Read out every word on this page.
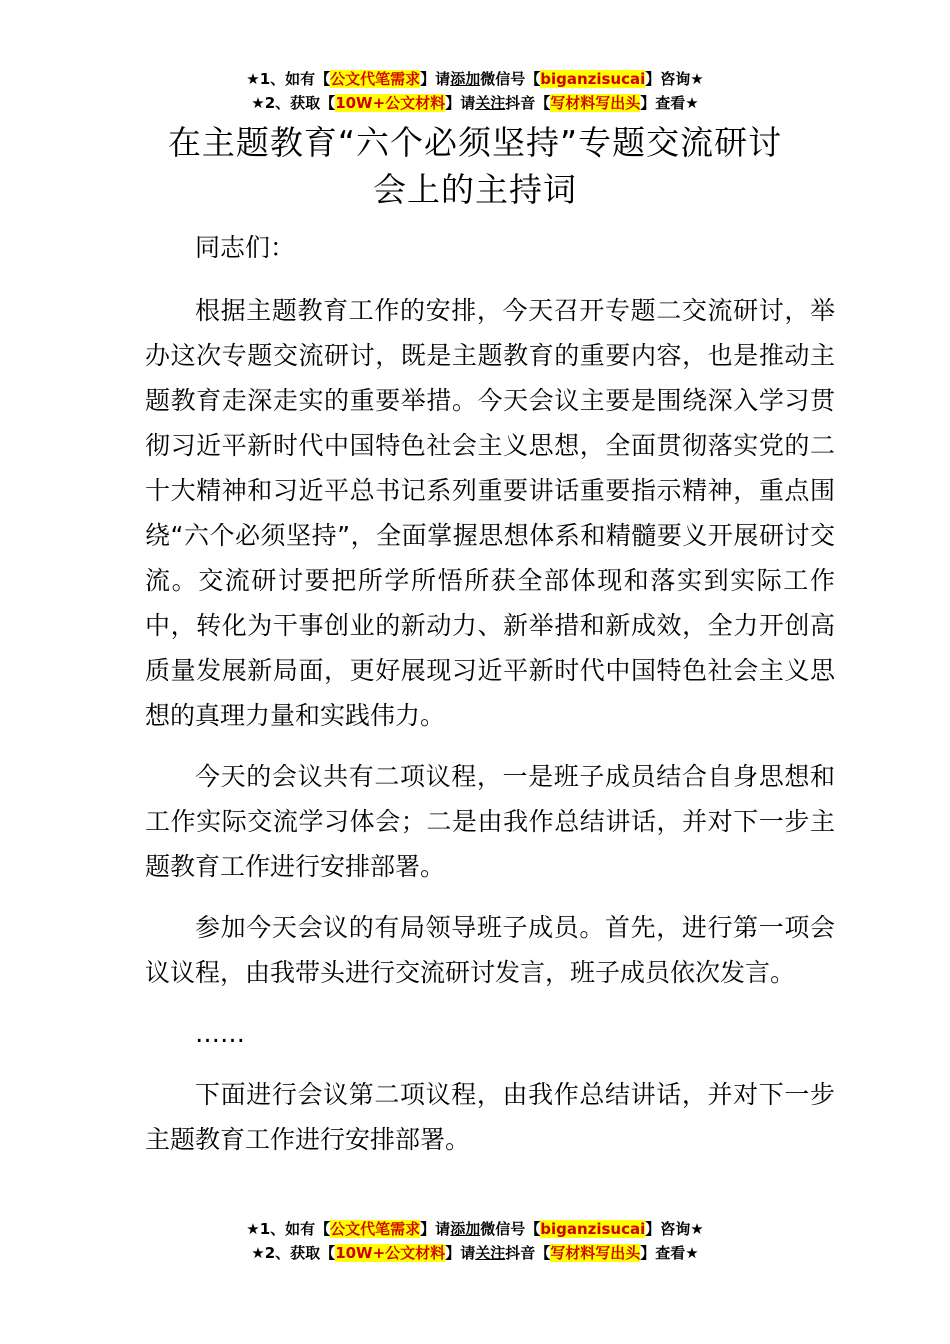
★1、如有【公文代笔需求】请添加微信号【biganzisucai】咨询★
★2、获取【10W+公文材料】请关注抖音【写材料写出头】查看★
在主题教育“六个必须坚持”专题交流研讨
会上的主持词

同志们：

根据主题教育工作的安排，今天召开专题二交流研讨，举办这次专题交流研讨，既是主题教育的重要内容，也是推动主题教育走深走实的重要举措。今天会议主要是围绕深入学习贯彻习近平新时代中国特色社会主义思想，全面贯彻落实党的二十大精神和习近平总书记系列重要讲话重要指示精神，重点围绕“六个必须坚持”，全面掌握思想体系和精髓要义开展研讨交流。交流研讨要把所学所悟所获全部体现和落实到实际工作中，转化为干事创业的新动力、新举措和新成效，全力开创高质量发展新局面，更好展现习近平新时代中国特色社会主义思想的真理力量和实践伟力。

今天的会议共有二项议程，一是班子成员结合自身思想和工作实际交流学习体会；二是由我作总结讲话，并对下一步主题教育工作进行安排部署。

参加今天会议的有局领导班子成员。首先，进行第一项会议议程，由我带头进行交流研讨发言，班子成员依次发言。

……

下面进行会议第二项议程，由我作总结讲话，并对下一步主题教育工作进行安排部署。

★1、如有【公文代笔需求】请添加微信号【biganzisucai】咨询★
★2、获取【10W+公文材料】请关注抖音【写材料写出头】查看★
